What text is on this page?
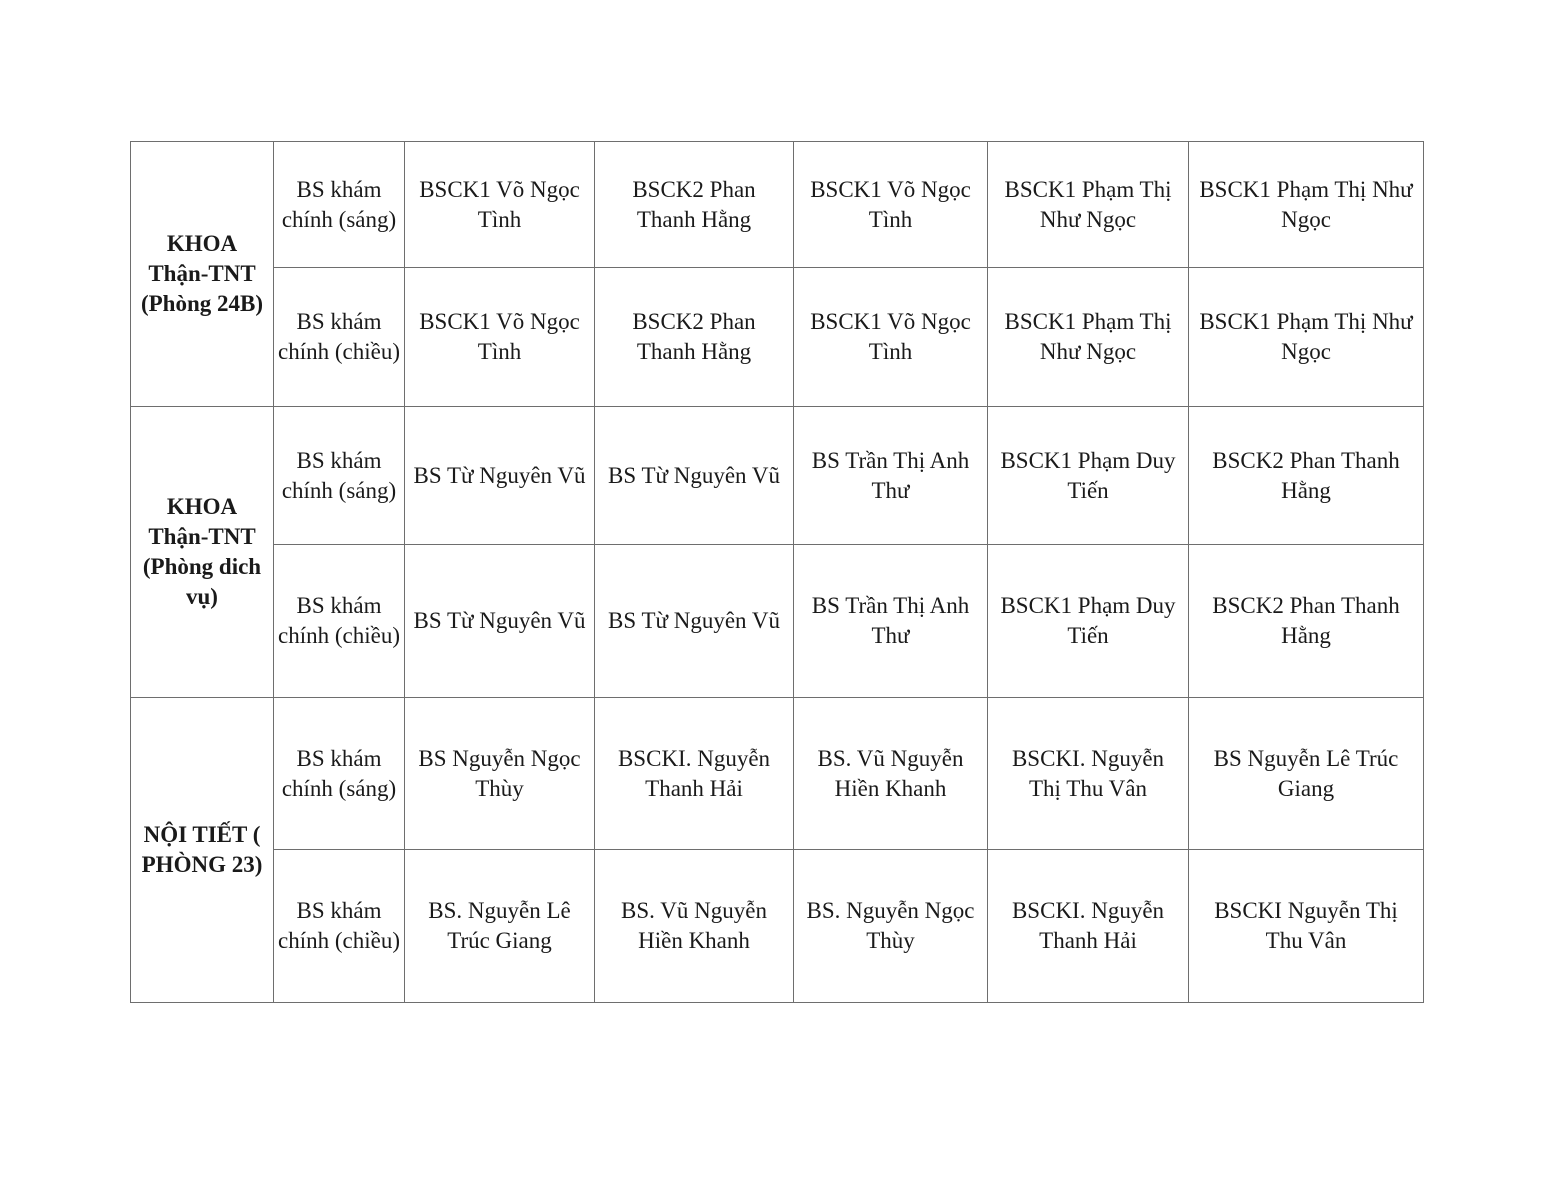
KHOA Thận-TNT (Phòng 24B)	BS khám chính (sáng)	BSCK1 Võ Ngọc Tình	BSCK2 Phan Thanh Hằng	BSCK1 Võ Ngọc Tình	BSCK1 Phạm Thị Như Ngọc	BSCK1 Phạm Thị Như Ngọc
	BS khám chính (chiều)	BSCK1 Võ Ngọc Tình	BSCK2 Phan Thanh Hằng	BSCK1 Võ Ngọc Tình	BSCK1 Phạm Thị Như Ngọc	BSCK1 Phạm Thị Như Ngọc
KHOA Thận-TNT (Phòng dich vụ)	BS khám chính (sáng)	BS Từ Nguyên Vũ	BS Từ Nguyên Vũ	BS Trần Thị Anh Thư	BSCK1 Phạm Duy Tiến	BSCK2 Phan Thanh Hằng
	BS khám chính (chiều)	BS Từ Nguyên Vũ	BS Từ Nguyên Vũ	BS Trần Thị Anh Thư	BSCK1 Phạm Duy Tiến	BSCK2 Phan Thanh Hằng
NỘI TIẾT ( PHÒNG 23)	BS khám chính (sáng)	BS Nguyễn Ngọc Thùy	BSCKI. Nguyễn Thanh Hải	BS. Vũ Nguyễn Hiền Khanh	BSCKI. Nguyễn Thị Thu Vân	BS Nguyễn Lê Trúc Giang
	BS khám chính (chiều)	BS. Nguyễn Lê Trúc Giang	BS. Vũ Nguyễn Hiền Khanh	BS. Nguyễn Ngọc Thùy	BSCKI. Nguyễn Thanh Hải	BSCKI Nguyễn Thị Thu Vân
